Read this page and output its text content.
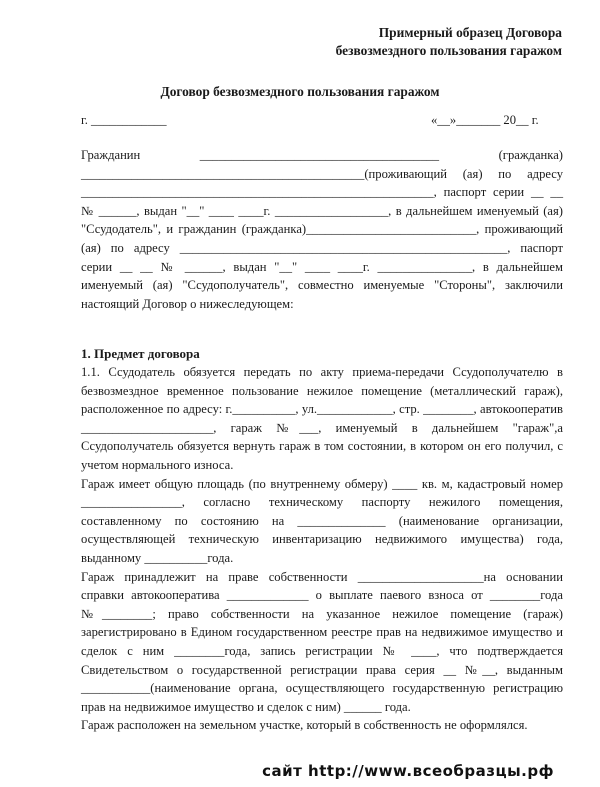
Примерный образец Договора
безвозмездного пользования гаражом
Договор безвозмездного пользования гаражом
г. ____________	«__»_______ 20__ г.

Гражданин ______________________________________ (гражданка) _____________________________________________(проживающий (ая) по адресу ________________________________________________________, паспорт серии __ __ № ______, выдан "__" ____ ____г. __________________, в дальнейшем именуемый (ая) "Ссудодатель", и гражданин (гражданка)___________________________, проживающий (ая) по адресу ____________________________________________________, паспорт серии __ __ № ______, выдан "__" ____ ____г. _______________, в дальнейшем именуемый (ая) "Ссудополучатель", совместно именуемые "Стороны", заключили настоящий Договор о нижеследующем:

1. Предмет договора

1.1. Ссудодатель обязуется передать по акту приема-передачи Ссудополучателю в безвозмездное временное пользование нежилое помещение (металлический гараж), расположенное по адресу: г.__________, ул.____________, стр. ________, автокооператив _____________________, гараж №___, именуемый в дальнейшем "гараж",а Ссудополучатель обязуется вернуть гараж в том состоянии, в котором он его получил, с учетом нормального износа.

Гараж имеет общую площадь (по внутреннему обмеру) ____ кв. м, кадастровый номер ________________, согласно техническому паспорту нежилого помещения, составленному по состоянию на ______________ (наименование организации, осуществляющей техническую инвентаризацию недвижимого имущества) года, выданному __________года.

Гараж принадлежит на праве собственности ____________________на основании справки автокооператива _____________ о выплате паевого взноса от ________года №________; право собственности на указанное нежилое помещение (гараж) зарегистрировано в Едином государственном реестре прав на недвижимое имущество и сделок с ним ________года, запись регистрации № ____, что подтверждается Свидетельством о государственной регистрации права серия __ №__, выданным ___________(наименование органа, осуществляющего государственную регистрацию прав на недвижимое имущество и сделок с ним) ______ года.

Гараж расположен на земельном участке, который в собственность не оформлялся.

сайт http://www.всеобразцы.рф
